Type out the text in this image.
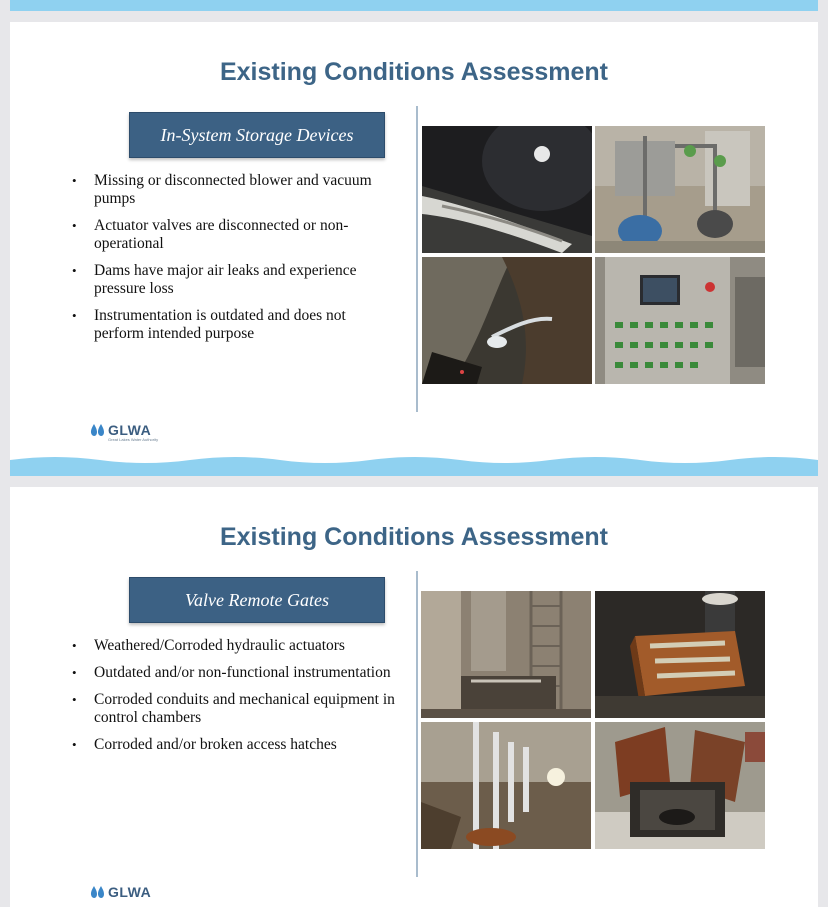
Existing Conditions Assessment
In-System Storage Devices
• Missing or disconnected blower and vacuum pumps
• Actuator valves are disconnected or non-operational
• Dams have major air leaks and experience pressure loss
• Instrumentation is outdated and does not perform intended purpose
GLWA
Great Lakes Water Authority
Existing Conditions Assessment
Valve Remote Gates
• Weathered/Corroded hydraulic actuators
• Outdated and/or non-functional instrumentation
• Corroded conduits and mechanical equipment in control chambers
• Corroded and/or broken access hatches
GLWA
